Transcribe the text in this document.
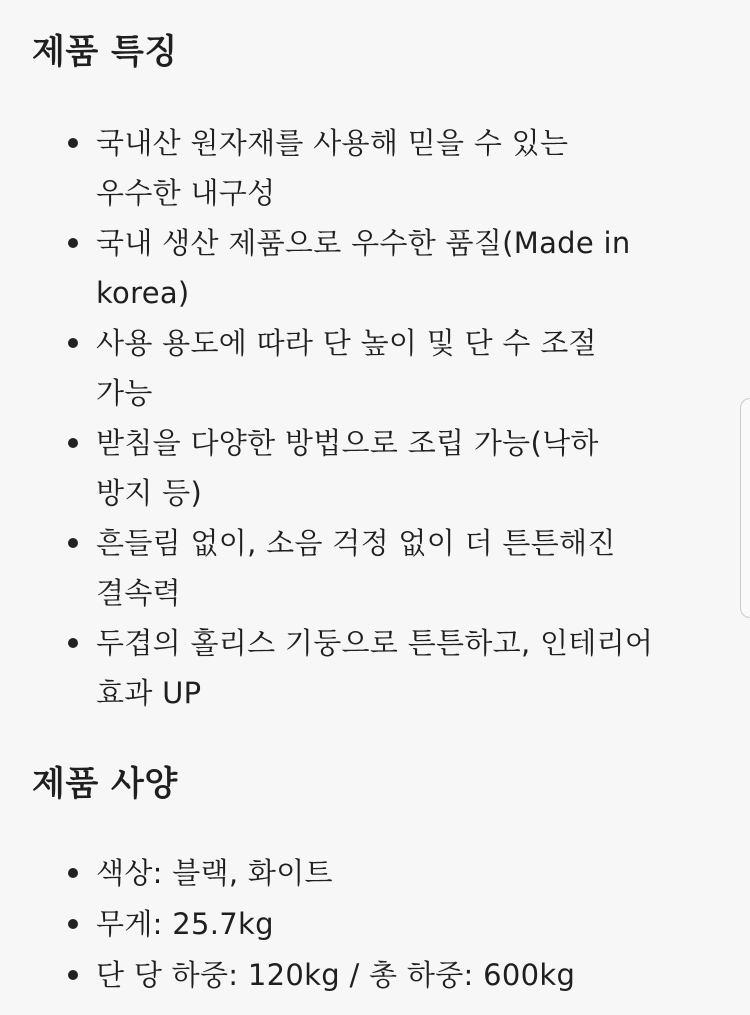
제품 특징
국내산 원자재를 사용해 믿을 수 있는 우수한 내구성
국내 생산 제품으로 우수한 품질(Made in korea)
사용 용도에 따라 단 높이 및 단 수 조절 가능
받침을 다양한 방법으로 조립 가능(낙하 방지 등)
흔들림 없이, 소음 걱정 없이 더 튼튼해진 결속력
두겹의 홀리스 기둥으로 튼튼하고, 인테리어 효과 UP
제품 사양
색상: 블랙, 화이트
무게: 25.7kg
단 당 하중: 120kg / 총 하중: 600kg
